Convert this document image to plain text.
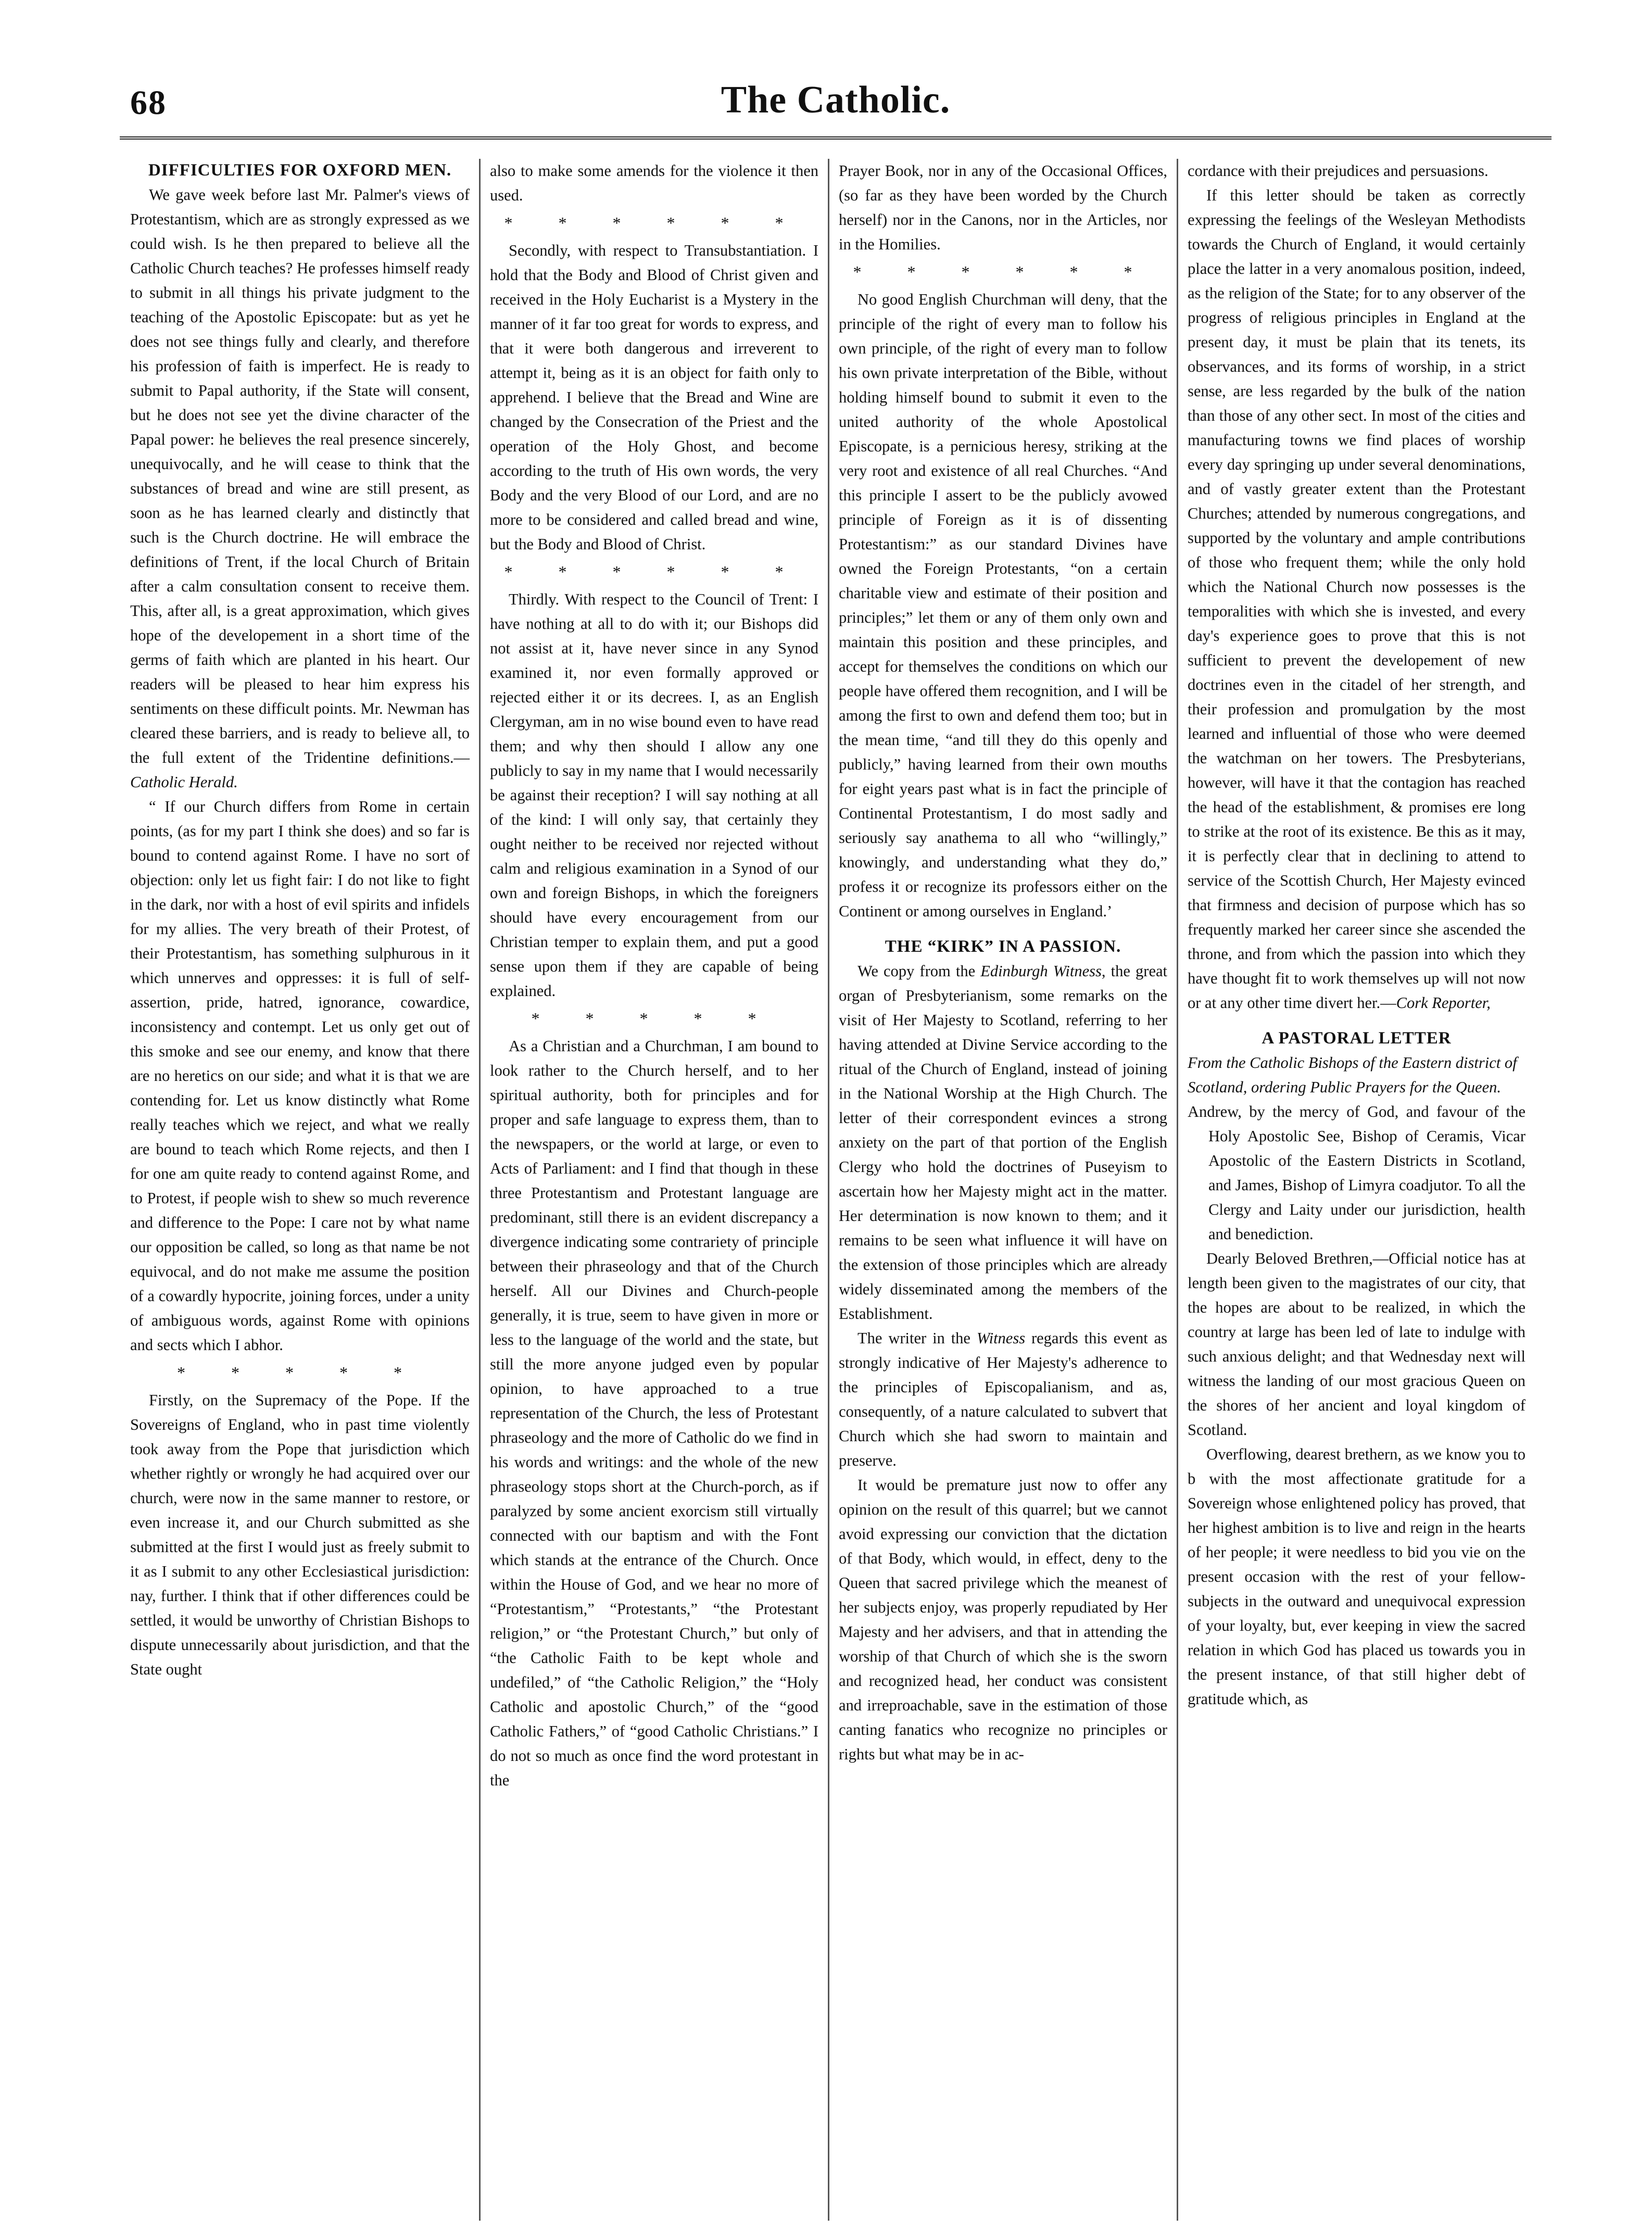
68	The Catholic.

DIFFICULTIES FOR OXFORD MEN.

We gave week before last Mr. Palmer's views of Protestantism, which are as strongly expressed as we could wish. Is he then prepared to believe all the Catholic Church teaches? He professes himself ready to submit in all things his private judgment to the teaching of the Apostolic Episcopate: but as yet he does not see things fully and clearly, and therefore his profession of faith is imperfect. He is ready to submit to Papal authority, if the State will consent, but he does not see yet the divine character of the Papal power: he believes the real presence sincerely, unequivocally, and he will cease to think that the substances of bread and wine are still present, as soon as he has learned clearly and distinctly that such is the Church doctrine. He will embrace the definitions of Trent, if the local Church of Britain after a calm consultation consent to receive them. This, after all, is a great approximation, which gives hope of the developement in a short time of the germs of faith which are planted in his heart. Our readers will be pleased to hear him express his sentiments on these difficult points. Mr. Newman has cleared these barriers, and is ready to believe all, to the full extent of the Tridentine definitions.—Catholic Herald.

“ If our Church differs from Rome in certain points, (as for my part I think she does) and so far is bound to contend against Rome. I have no sort of objection: only let us fight fair: I do not like to fight in the dark, nor with a host of evil spirits and infidels for my allies. The very breath of their Protest, of their Protestantism, has something sulphurous in it which unnerves and oppresses: it is full of self-assertion, pride, hatred, ignorance, cowardice, inconsistency and contempt. Let us only get out of this smoke and see our enemy, and know that there are no heretics on our side; and what it is that we are contending for. Let us know distinctly what Rome really teaches which we reject, and what we really are bound to teach which Rome rejects, and then I for one am quite ready to contend against Rome, and to Protest, if people wish to shew so much reverence and difference to the Pope: I care not by what name our opposition be called, so long as that name be not equivocal, and do not make me assume the position of a cowardly hypocrite, joining forces, under a unity of ambiguous words, against Rome with opinions and sects which I abhor.

* * * * *

Firstly, on the Supremacy of the Pope. If the Sovereigns of England, who in past time violently took away from the Pope that jurisdiction which whether rightly or wrongly he had acquired over our church, were now in the same manner to restore, or even increase it, and our Church submitted as she submitted at the first I would just as freely submit to it as I submit to any other Ecclesiastical jurisdiction: nay, further. I think that if other differences could be settled, it would be unworthy of Christian Bishops to dispute unnecessarily about jurisdiction, and that the State ought

also to make some amends for the violence it then used.

* * * * * *

Secondly, with respect to Transubstantiation. I hold that the Body and Blood of Christ given and received in the Holy Eucharist is a Mystery in the manner of it far too great for words to express, and that it were both dangerous and irreverent to attempt it, being as it is an object for faith only to apprehend. I believe that the Bread and Wine are changed by the Consecration of the Priest and the operation of the Holy Ghost, and become according to the truth of His own words, the very Body and the very Blood of our Lord, and are no more to be considered and called bread and wine, but the Body and Blood of Christ.

* * * * * *

Thirdly. With respect to the Council of Trent: I have nothing at all to do with it; our Bishops did not assist at it, have never since in any Synod examined it, nor even formally approved or rejected either it or its decrees. I, as an English Clergyman, am in no wise bound even to have read them; and why then should I allow any one publicly to say in my name that I would necessarily be against their reception? I will say nothing at all of the kind: I will only say, that certainly they ought neither to be received nor rejected without calm and religious examination in a Synod of our own and foreign Bishops, in which the foreigners should have every encouragement from our Christian temper to explain them, and put a good sense upon them if they are capable of being explained.

* * * * *

As a Christian and a Churchman, I am bound to look rather to the Church herself, and to her spiritual authority, both for principles and for proper and safe language to express them, than to the newspapers, or the world at large, or even to Acts of Parliament: and I find that though in these three Protestantism and Protestant language are predominant, still there is an evident discrepancy a divergence indicating some contrariety of principle between their phraseology and that of the Church herself. All our Divines and Church-people generally, it is true, seem to have given in more or less to the language of the world and the state, but still the more anyone judged even by popular opinion, to have approached to a true representation of the Church, the less of Protestant phraseology and the more of Catholic do we find in his words and writings: and the whole of the new phraseology stops short at the Church-porch, as if paralyzed by some ancient exorcism still virtually connected with our baptism and with the Font which stands at the entrance of the Church. Once within the House of God, and we hear no more of “Protestantism,” “Protestants,” “the Protestant religion,” or “the Protestant Church,” but only of “the Catholic Faith to be kept whole and undefiled,” of “the Catholic Religion,” the “Holy Catholic and apostolic Church,” of the “good Catholic Fathers,” of “good Catholic Christians.” I do not so much as once find the word protestant in the

Prayer Book, nor in any of the Occasional Offices, (so far as they have been worded by the Church herself) nor in the Canons, nor in the Articles, nor in the Homilies.

* * * * * *

No good English Churchman will deny, that the principle of the right of every man to follow his own principle, of the right of every man to follow his own private interpretation of the Bible, without holding himself bound to submit it even to the united authority of the whole Apostolical Episcopate, is a pernicious heresy, striking at the very root and existence of all real Churches. “And this principle I assert to be the publicly avowed principle of Foreign as it is of dissenting Protestantism:” as our standard Divines have owned the Foreign Protestants, “on a certain charitable view and estimate of their position and principles;” let them or any of them only own and maintain this position and these principles, and accept for themselves the conditions on which our people have offered them recognition, and I will be among the first to own and defend them too; but in the mean time, “and till they do this openly and publicly,” having learned from their own mouths for eight years past what is in fact the principle of Continental Protestantism, I do most sadly and seriously say anathema to all who “willingly,” knowingly, and understanding what they do,” profess it or recognize its professors either on the Continent or among ourselves in England.’

THE “KIRK” IN A PASSION.

We copy from the Edinburgh Witness, the great organ of Presbyterianism, some remarks on the visit of Her Majesty to Scotland, referring to her having attended at Divine Service according to the ritual of the Church of England, instead of joining in the National Worship at the High Church. The letter of their correspondent evinces a strong anxiety on the part of that portion of the English Clergy who hold the doctrines of Puseyism to ascertain how her Majesty might act in the matter. Her determination is now known to them; and it remains to be seen what influence it will have on the extension of those principles which are already widely disseminated among the members of the Establishment.

The writer in the Witness regards this event as strongly indicative of Her Majesty's adherence to the principles of Episcopalianism, and as, consequently, of a nature calculated to subvert that Church which she had sworn to maintain and preserve.

It would be premature just now to offer any opinion on the result of this quarrel; but we cannot avoid expressing our conviction that the dictation of that Body, which would, in effect, deny to the Queen that sacred privilege which the meanest of her subjects enjoy, was properly repudiated by Her Majesty and her advisers, and that in attending the worship of that Church of which she is the sworn and recognized head, her conduct was consistent and irreproachable, save in the estimation of those canting fanatics who recognize no principles or rights but what may be in ac-

cordance with their prejudices and persuasions.

If this letter should be taken as correctly expressing the feelings of the Wesleyan Methodists towards the Church of England, it would certainly place the latter in a very anomalous position, indeed, as the religion of the State; for to any observer of the progress of religious principles in England at the present day, it must be plain that its tenets, its observances, and its forms of worship, in a strict sense, are less regarded by the bulk of the nation than those of any other sect. In most of the cities and manufacturing towns we find places of worship every day springing up under several denominations, and of vastly greater extent than the Protestant Churches; attended by numerous congregations, and supported by the voluntary and ample contributions of those who frequent them; while the only hold which the National Church now possesses is the temporalities with which she is invested, and every day's experience goes to prove that this is not sufficient to prevent the developement of new doctrines even in the citadel of her strength, and their profession and promulgation by the most learned and influential of those who were deemed the watchman on her towers. The Presbyterians, however, will have it that the contagion has reached the head of the establishment, & promises ere long to strike at the root of its existence. Be this as it may, it is perfectly clear that in declining to attend to service of the Scottish Church, Her Majesty evinced that firmness and decision of purpose which has so frequently marked her career since she ascended the throne, and from which the passion into which they have thought fit to work themselves up will not now or at any other time divert her.—Cork Reporter,

A PASTORAL LETTER

From the Catholic Bishops of the Eastern district of Scotland, ordering Public Prayers for the Queen.

Andrew, by the mercy of God, and favour of the Holy Apostolic See, Bishop of Ceramis, Vicar Apostolic of the Eastern Districts in Scotland, and James, Bishop of Limyra coadjutor. To all the Clergy and Laity under our jurisdiction, health and benediction.

Dearly Beloved Brethren,—Official notice has at length been given to the magistrates of our city, that the hopes are about to be realized, in which the country at large has been led of late to indulge with such anxious delight; and that Wednesday next will witness the landing of our most gracious Queen on the shores of her ancient and loyal kingdom of Scotland.

Overflowing, dearest brethern, as we know you to b with the most affectionate gratitude for a Sovereign whose enlightened policy has proved, that her highest ambition is to live and reign in the hearts of her people; it were needless to bid you vie on the present occasion with the rest of your fellow-subjects in the outward and unequivocal expression of your loyalty, but, ever keeping in view the sacred relation in which God has placed us towards you in the present instance, of that still higher debt of gratitude which, as
